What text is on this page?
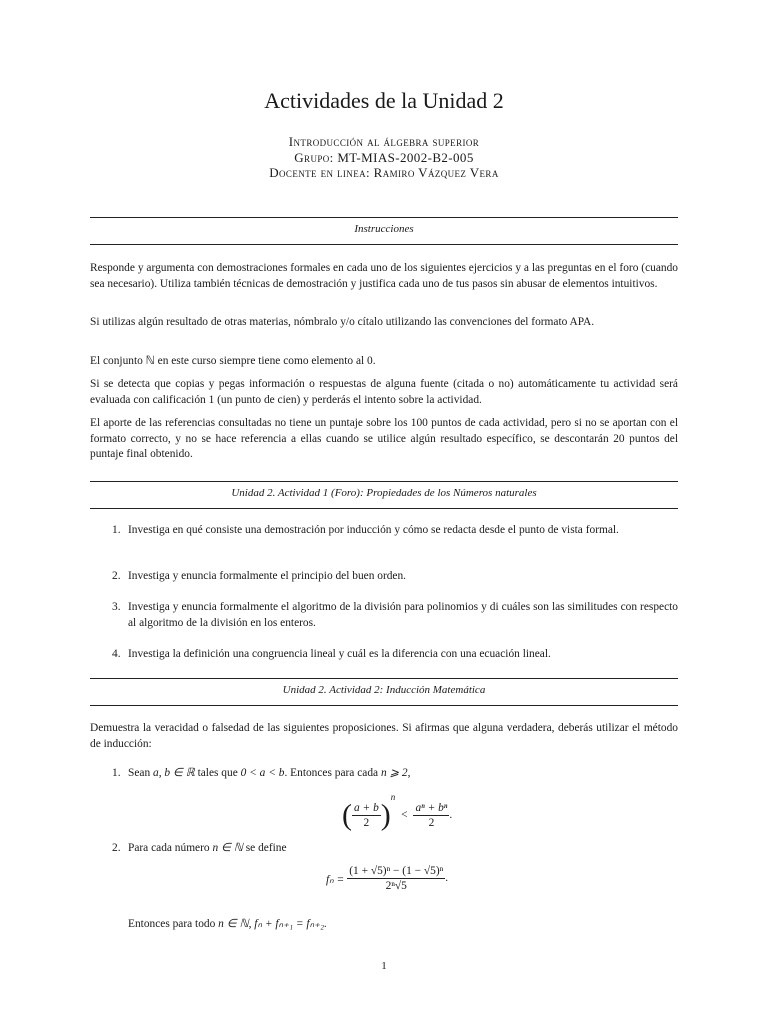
Actividades de la Unidad 2
Introducción al álgebra superior
Grupo: MT-MIAS-2002-B2-005
Docente en linea: Ramiro Vázquez Vera
Instrucciones
Responde y argumenta con demostraciones formales en cada uno de los siguientes ejercicios y a las preguntas en el foro (cuando sea necesario). Utiliza también técnicas de demostración y justifica cada uno de tus pasos sin abusar de elementos intuitivos.
Si utilizas algún resultado de otras materias, nómbralo y/o cítalo utilizando las convenciones del formato APA.
El conjunto ℕ en este curso siempre tiene como elemento al 0.
Si se detecta que copias y pegas información o respuestas de alguna fuente (citada o no) automáticamente tu actividad será evaluada con calificación 1 (un punto de cien) y perderás el intento sobre la actividad.
El aporte de las referencias consultadas no tiene un puntaje sobre los 100 puntos de cada actividad, pero si no se aportan con el formato correcto, y no se hace referencia a ellas cuando se utilice algún resultado específico, se descontarán 20 puntos del puntaje final obtenido.
Unidad 2. Actividad 1 (Foro): Propiedades de los Números naturales
1. Investiga en qué consiste una demostración por inducción y cómo se redacta desde el punto de vista formal.
2. Investiga y enuncia formalmente el principio del buen orden.
3. Investiga y enuncia formalmente el algoritmo de la división para polinomios y di cuáles son las similitudes con respecto al algoritmo de la división en los enteros.
4. Investiga la definición una congruencia lineal y cuál es la diferencia con una ecuación lineal.
Unidad 2. Actividad 2: Inducción Matemática
Demuestra la veracidad o falsedad de las siguientes proposiciones. Si afirmas que alguna verdadera, deberás utilizar el método de inducción:
1. Sean a, b ∈ ℝ tales que 0 < a < b. Entonces para cada n ⩾ 2,
( $\frac{a + b}{2} )^n < \frac{\text{aⁿ + bⁿ}}{2}$ .
2. Para cada número n ∈ ℕ se define
$f_n = \frac{\text{(1 + √5)ⁿ − (1 − √5)ⁿ}}{\text{2ⁿ√5}}$ .
Entonces para todo n ∈ ℕ, fₙ + fₙ₊₁ = fₙ₊₂.
1
